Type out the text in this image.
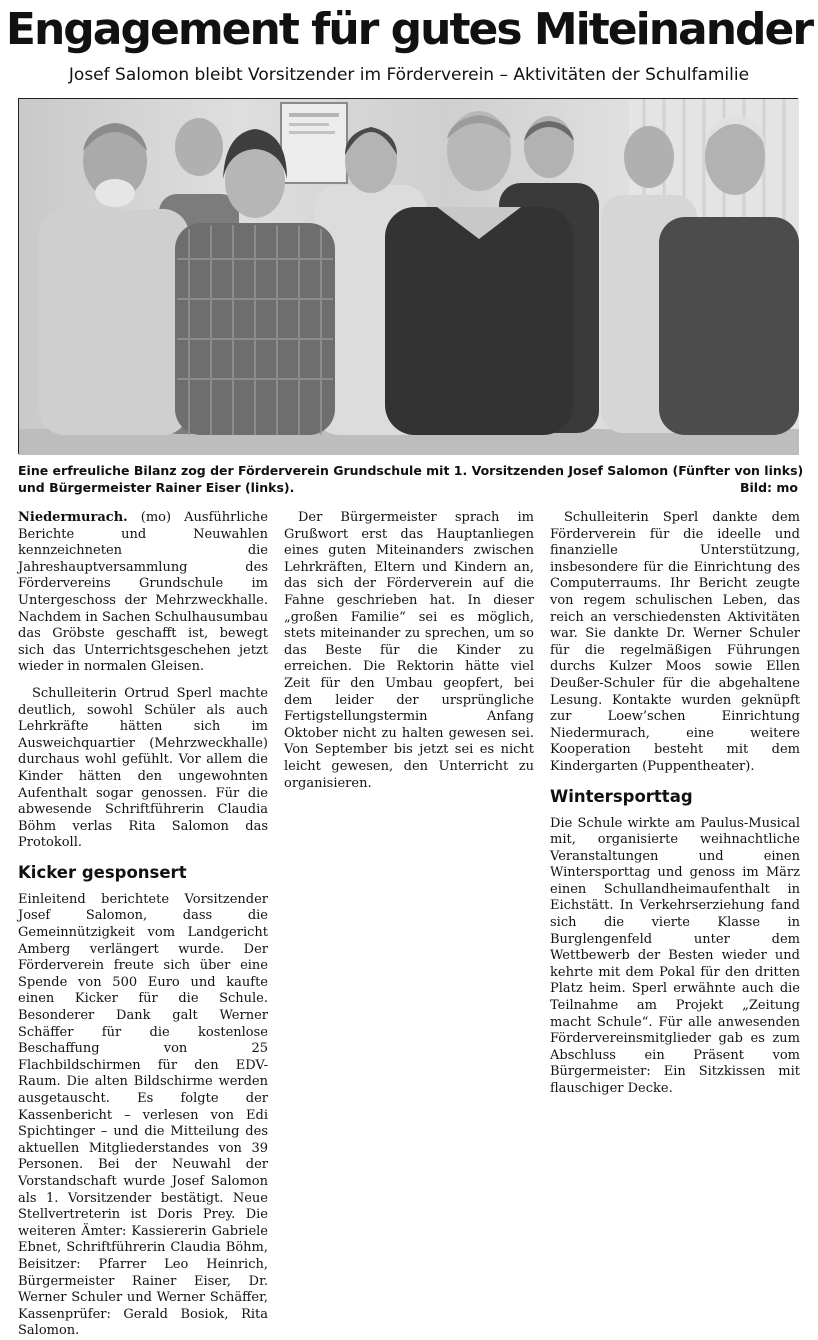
Engagement für gutes Miteinander
Josef Salomon bleibt Vorsitzender im Förderverein – Aktivitäten der Schulfamilie
Eine erfreuliche Bilanz zog der Förderverein Grundschule mit 1. Vorsitzenden Josef Salomon (Fünfter von links)
und Bürgermeister Rainer Eiser (links).	Bild: mo

Niedermurach. (mo) Ausführliche Berichte und Neuwahlen kennzeichneten die Jahreshauptversammlung des Fördervereins Grundschule im Untergeschoss der Mehrzweckhalle. Nachdem in Sachen Schulhausumbau das Gröbste geschafft ist, bewegt sich das Unterrichtsgeschehen jetzt wieder in normalen Gleisen.

Schulleiterin Ortrud Sperl machte deutlich, sowohl Schüler als auch Lehrkräfte hätten sich im Ausweichquartier (Mehrzweckhalle) durchaus wohl gefühlt. Vor allem die Kinder hätten den ungewohnten Aufenthalt sogar genossen. Für die abwesende Schriftführerin Claudia Böhm verlas Rita Salomon das Protokoll.

Kicker gesponsert

Einleitend berichtete Vorsitzender Josef Salomon, dass die Gemeinnützigkeit vom Landgericht Amberg verlängert wurde. Der Förderverein freute sich über eine Spende von 500 Euro und kaufte einen Kicker für die Schule. Besonderer Dank galt Werner Schäffer für die kostenlose Beschaffung von 25 Flachbildschirmen für den EDV-Raum. Die alten Bildschirme werden ausgetauscht. Es folgte der Kassenbericht – verlesen von Edi Spichtinger – und die Mitteilung des aktuellen Mitgliederstandes von 39 Personen. Bei der Neuwahl der Vorstandschaft wurde Josef Salomon als 1. Vorsitzender bestätigt. Neue Stellvertreterin ist Doris Prey. Die weiteren Ämter: Kassiererin Gabriele Ebnet, Schriftführerin Claudia Böhm, Beisitzer: Pfarrer Leo Heinrich, Bürgermeister Rainer Eiser, Dr. Werner Schuler und Werner Schäffer, Kassenprüfer: Gerald Bosiok, Rita Salomon.

Der Bürgermeister sprach im Grußwort erst das Hauptanliegen eines guten Miteinanders zwischen Lehrkräften, Eltern und Kindern an, das sich der Förderverein auf die Fahne geschrieben hat. In dieser „großen Familie“ sei es möglich, stets miteinander zu sprechen, um so das Beste für die Kinder zu erreichen. Die Rektorin hätte viel Zeit für den Umbau geopfert, bei dem leider der ursprüngliche Fertigstellungstermin Anfang Oktober nicht zu halten gewesen sei. Von September bis jetzt sei es nicht leicht gewesen, den Unterricht zu organisieren.

Schulleiterin Sperl dankte dem Förderverein für die ideelle und finanzielle Unterstützung, insbesondere für die Einrichtung des Computerraums. Ihr Bericht zeugte von regem schulischen Leben, das reich an verschiedensten Aktivitäten war. Sie dankte Dr. Werner Schuler für die regelmäßigen Führungen durchs Kulzer Moos sowie Ellen Deußer-Schuler für die abgehaltene Lesung. Kontakte wurden geknüpft zur Loew’schen Einrichtung Niedermurach, eine weitere Kooperation besteht mit dem Kindergarten (Puppentheater).

Wintersporttag

Die Schule wirkte am Paulus-Musical mit, organisierte weihnachtliche Veranstaltungen und einen Wintersporttag und genoss im März einen Schullandheimaufenthalt in Eichstätt. In Verkehrserziehung fand sich die vierte Klasse in Burglengenfeld unter dem Wettbewerb der Besten wieder und kehrte mit dem Pokal für den dritten Platz heim. Sperl erwähnte auch die Teilnahme am Projekt „Zeitung macht Schule“. Für alle anwesenden Fördervereinsmitglieder gab es zum Abschluss ein Präsent vom Bürgermeister: Ein Sitzkissen mit flauschiger Decke.
